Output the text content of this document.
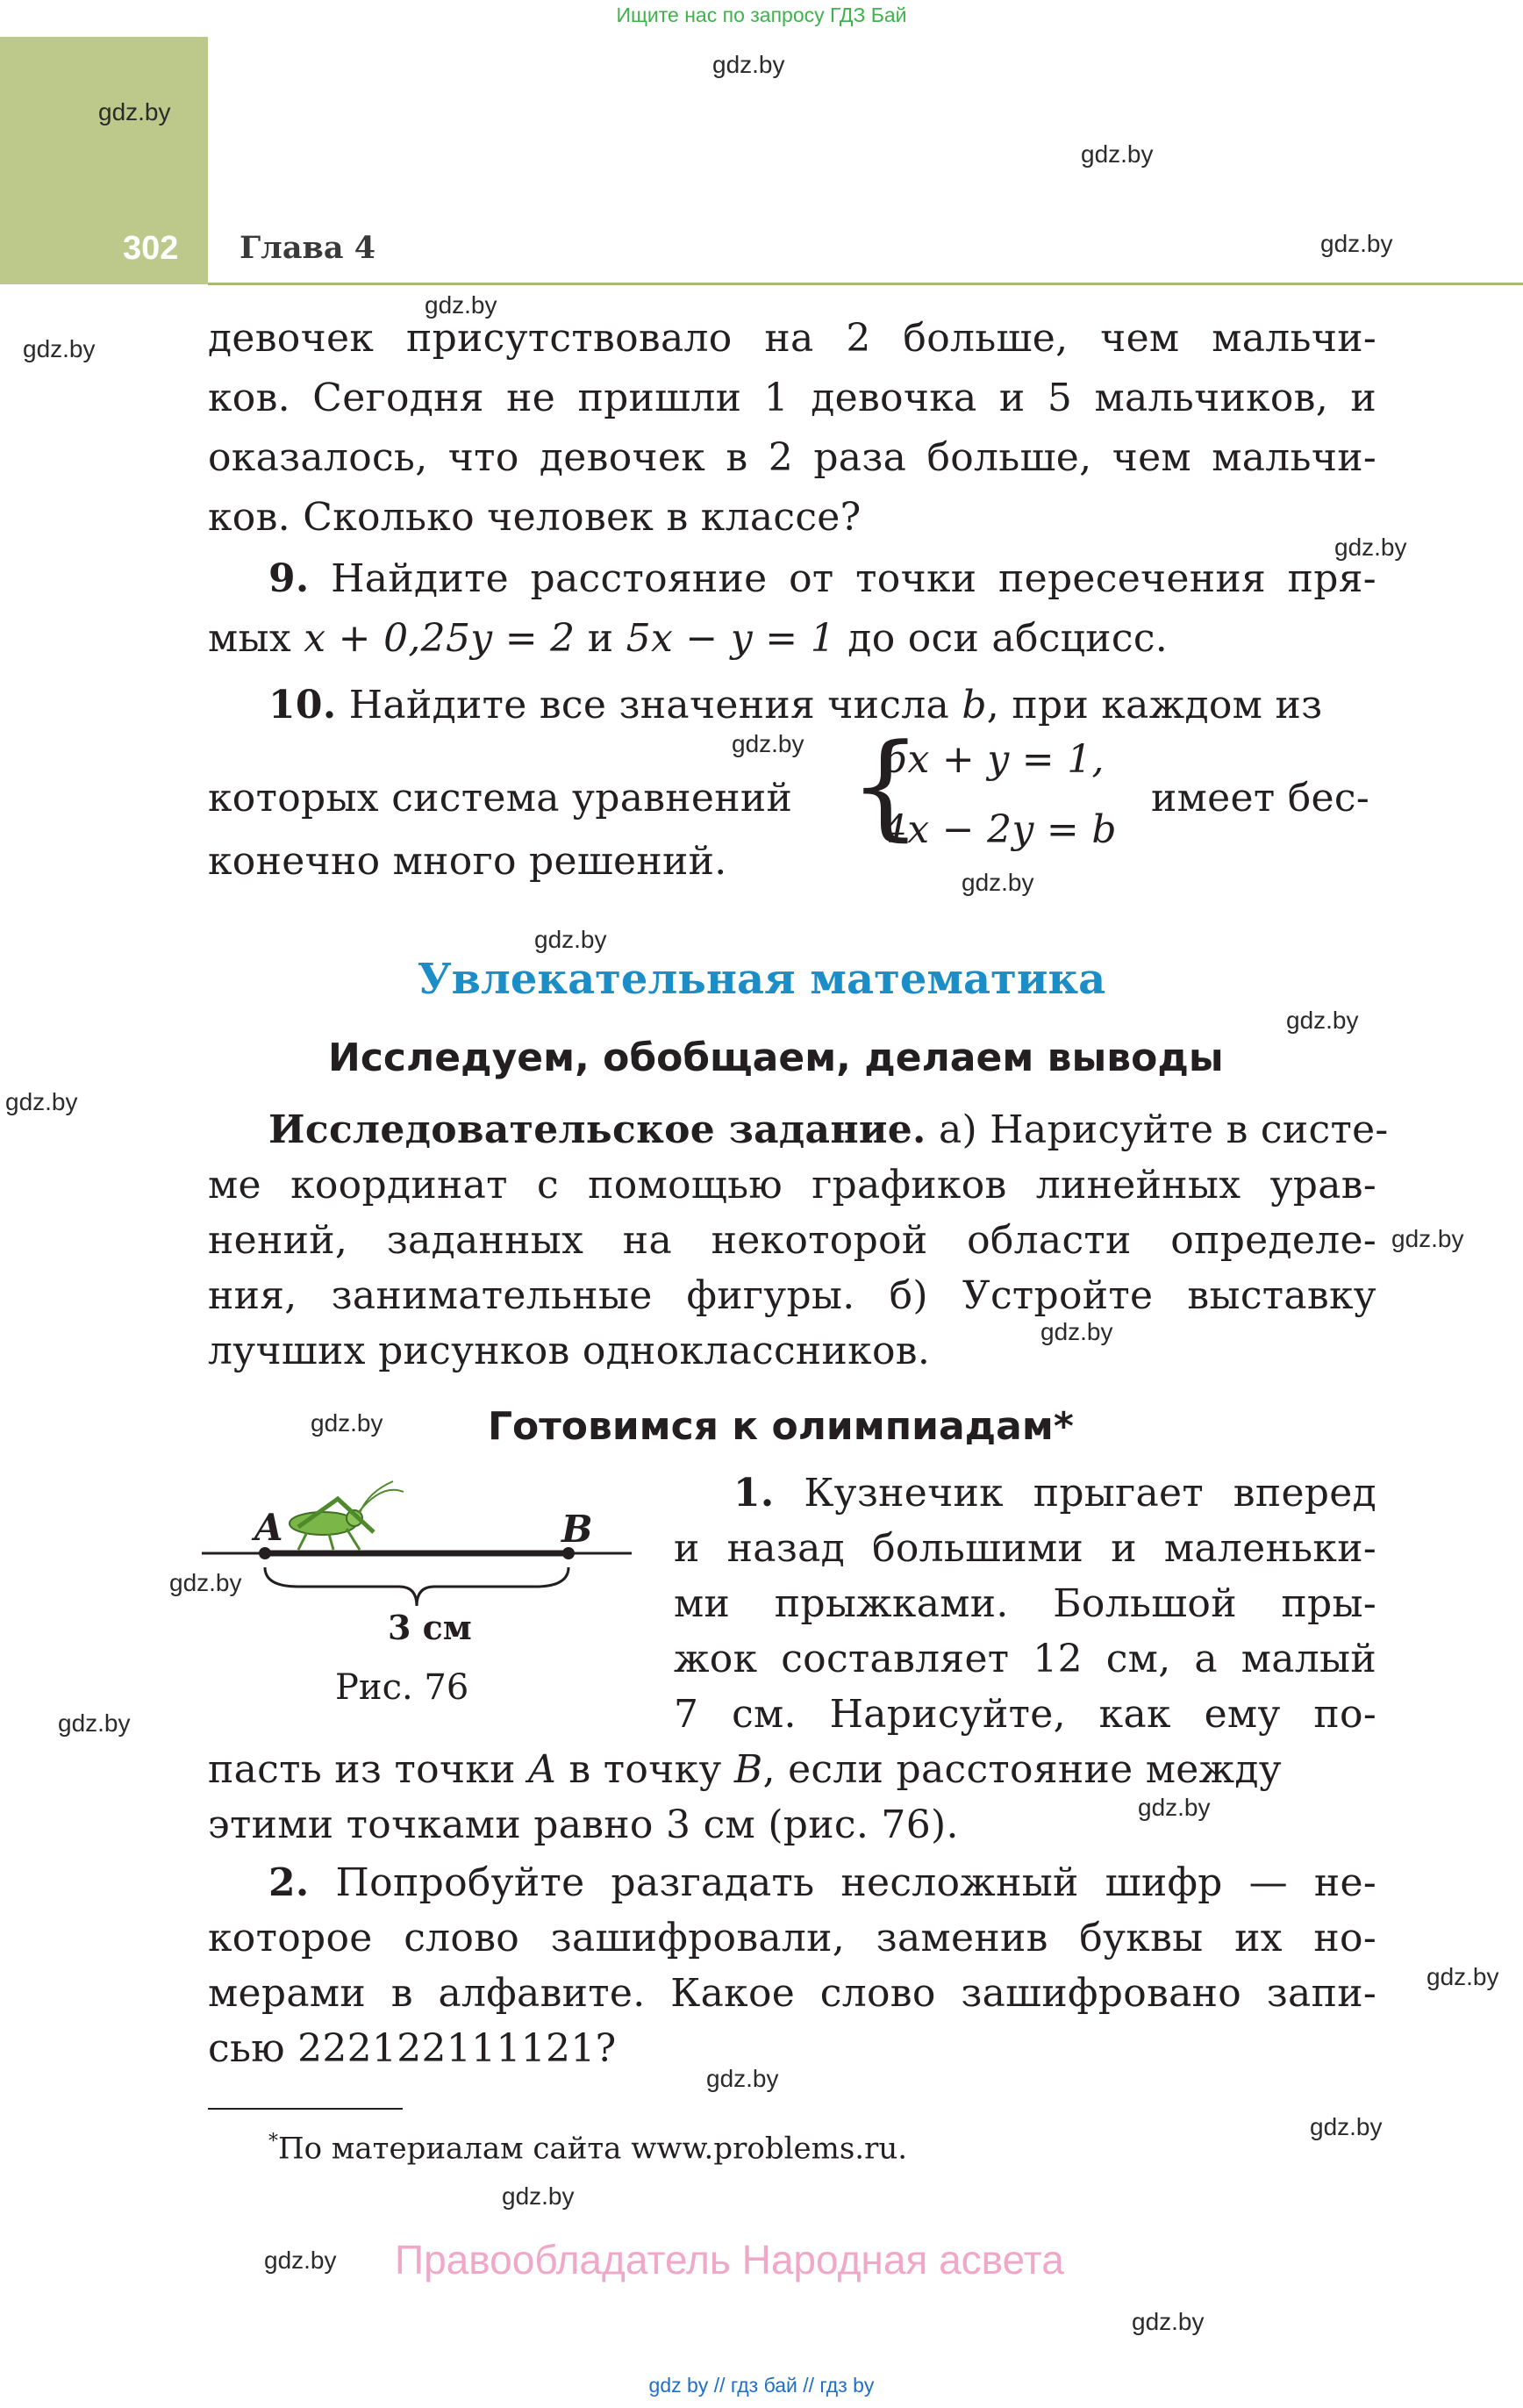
Ищите нас по запросу ГДЗ Бай
302 Глава 4
gdz.by
gdz.by
gdz.by
gdz.by
gdz.by
gdz.by
gdz.by
gdz.by
gdz.by
gdz.by
gdz.by
gdz.by
gdz.by
gdz.by
gdz.by
gdz.by
gdz.by
gdz.by
gdz.by
gdz.by
gdz.by
gdz.by
gdz.by
gdz.by
девочек присутствовало на 2 больше, чем мальчи-
ков. Сегодня не пришли 1 девочка и 5 мальчиков, и
оказалось, что девочек в 2 раза больше, чем мальчи-
ков. Сколько человек в классе?
9. Найдите расстояние от точки пересечения пря-
мых x + 0,25y = 2 и 5x − y = 1 до оси абсцисс.
10. Найдите все значения числа b, при каждом из
которых система уравнений {
bx + y = 1,
4x − 2y = b
имеет бес-
конечно много решений.
Увлекательная математика
Исследуем, обобщаем, делаем выводы
Исследовательское задание. а) Нарисуйте в систе-
ме координат с помощью графиков линейных урав-
нений, заданных на некоторой области определе-
ния, занимательные фигуры. б) Устройте выставку
лучших рисунков одноклассников.
Готовимся к олимпиадам*
A	B
3 см
Рис. 76
1. Кузнечик прыгает вперед
и назад большими и маленьки-
ми прыжками. Большой пры-
жок составляет 12 см, а малый
7 см. Нарисуйте, как ему по-
пасть из точки A в точку B, если расстояние между
этими точками равно 3 см (рис. 76).
2. Попробуйте разгадать несложный шифр — не-
которое слово зашифровали, заменив буквы их но-
мерами в алфавите. Какое слово зашифровано запи-
сью 222122111121?
*По материалам сайта www.problems.ru.
Правообладатель Народная асвета
gdz by // гдз бай // гдз by
